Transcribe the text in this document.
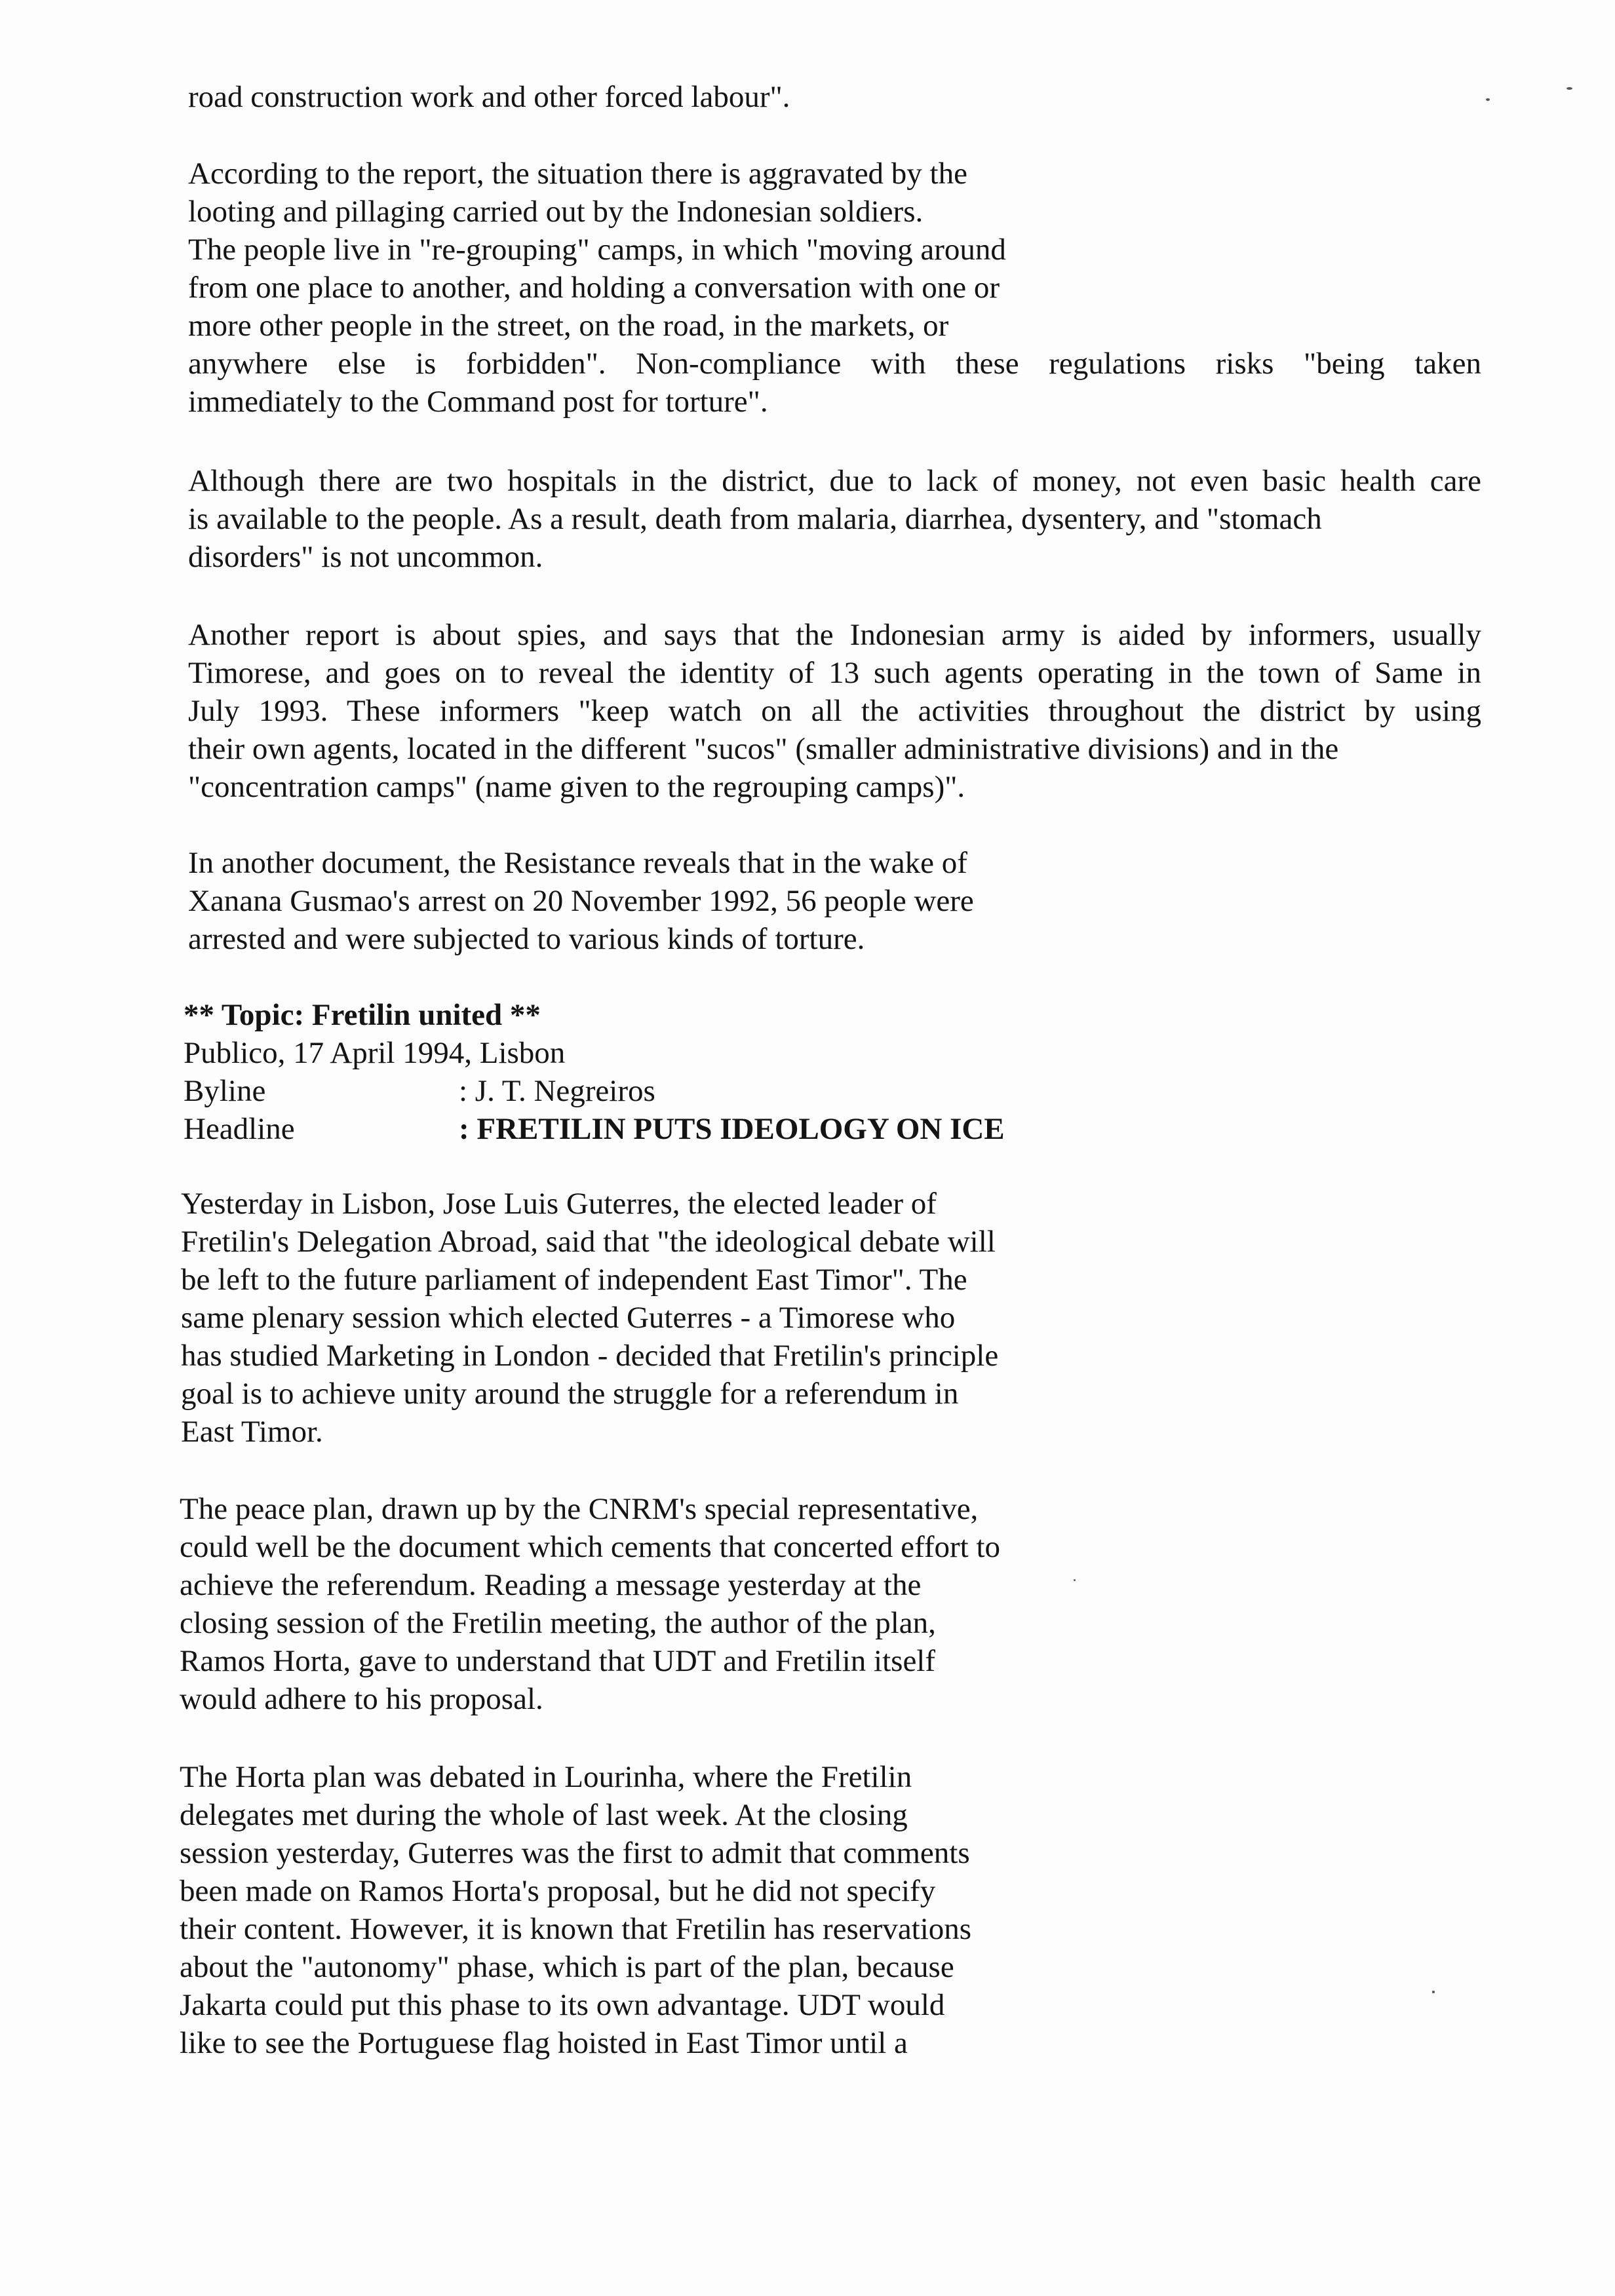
road construction work and other forced labour".
According to the report, the situation there is aggravated by the
looting and pillaging carried out by the Indonesian soldiers.
The people live in "re-grouping" camps, in which "moving around
from one place to another, and holding a conversation with one or
more other people in the street, on the road, in the markets, or
anywhere else is forbidden". Non-compliance with these regulations risks "being taken
immediately to the Command post for torture".
Although there are two hospitals in the district, due to lack of money, not even basic health care
is available to the people. As a result, death from malaria, diarrhea, dysentery, and "stomach
disorders" is not uncommon.
Another report is about spies, and says that the Indonesian army is aided by informers, usually
Timorese, and goes on to reveal the identity of 13 such agents operating in the town of Same in
July 1993. These informers "keep watch on all the activities throughout the district by using
their own agents, located in the different "sucos" (smaller administrative divisions) and in the
"concentration camps" (name given to the regrouping camps)".
In another document, the Resistance reveals that in the wake of
Xanana Gusmao's arrest on 20 November 1992, 56 people were
arrested and were subjected to various kinds of torture.
** Topic: Fretilin united **
Publico, 17 April 1994, Lisbon
Byline	: J. T. Negreiros
Headline	: FRETILIN PUTS IDEOLOGY ON ICE
Yesterday in Lisbon, Jose Luis Guterres, the elected leader of
Fretilin's Delegation Abroad, said that "the ideological debate will
be left to the future parliament of independent East Timor". The
same plenary session which elected Guterres - a Timorese who
has studied Marketing in London - decided that Fretilin's principle
goal is to achieve unity around the struggle for a referendum in
East Timor.
The peace plan, drawn up by the CNRM's special representative,
could well be the document which cements that concerted effort to
achieve the referendum. Reading a message yesterday at the
closing session of the Fretilin meeting, the author of the plan,
Ramos Horta, gave to understand that UDT and Fretilin itself
would adhere to his proposal.
The Horta plan was debated in Lourinha, where the Fretilin
delegates met during the whole of last week. At the closing
session yesterday, Guterres was the first to admit that comments
been made on Ramos Horta's proposal, but he did not specify
their content. However, it is known that Fretilin has reservations
about the "autonomy" phase, which is part of the plan, because
Jakarta could put this phase to its own advantage. UDT would
like to see the Portuguese flag hoisted in East Timor until a
